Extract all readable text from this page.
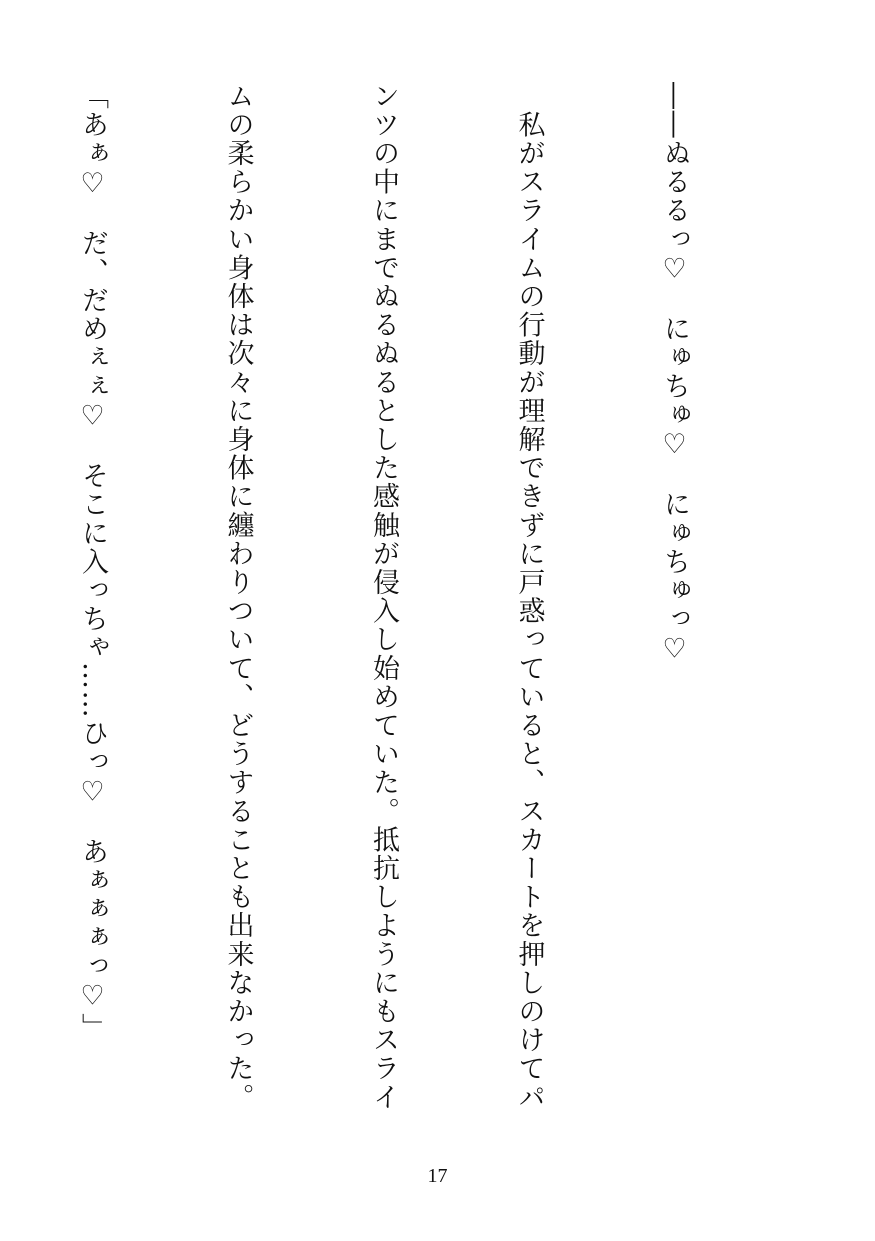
――ぬるるっ♡　にゅちゅ♡　にゅちゅっ♡

　私がスライムの行動が理解できずに戸惑っていると、スカートを押しのけてパ

ンツの中にまでぬるぬるとした感触が侵入し始めていた。抵抗しようにもスライ

ムの柔らかい身体は次々に身体に纏わりついて、どうすることも出来なかった。

「あぁ♡　だ、だめぇぇ♡　そこに入っちゃ……ひっ♡　あぁぁぁっ♡」

17
